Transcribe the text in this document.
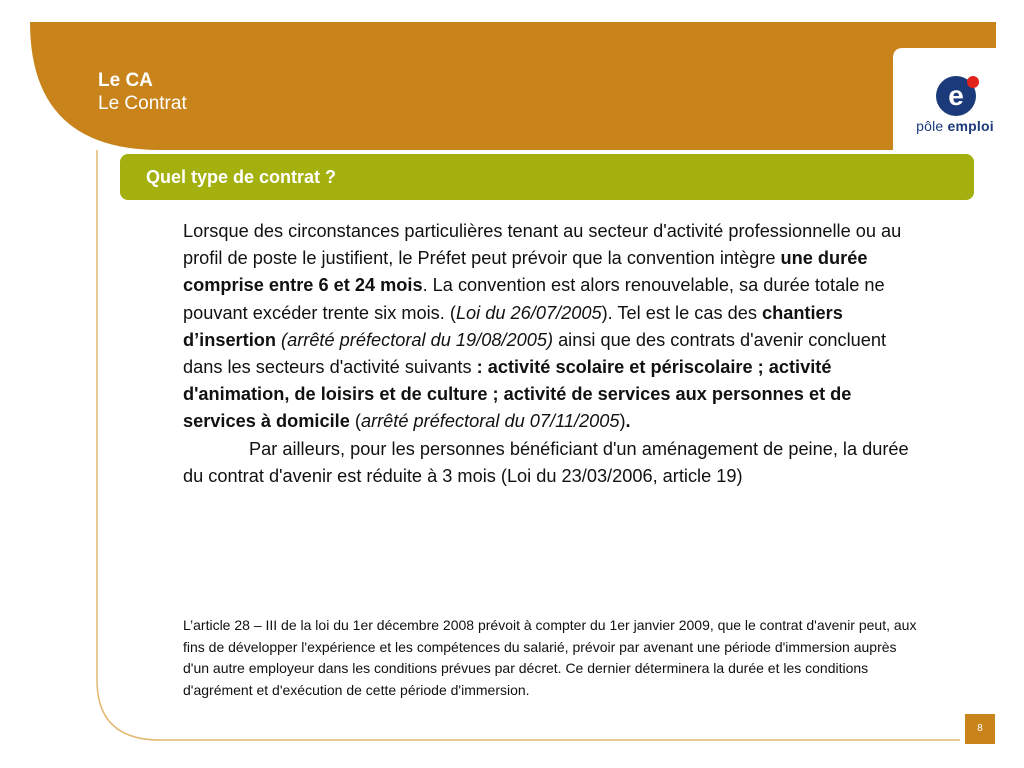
Le CA
Le Contrat	e
pôle emploi
Quel type de contrat ?

Lorsque des circonstances particulières tenant au secteur d'activité professionnelle ou au profil de poste le justifient, le Préfet peut prévoir que la convention intègre une durée comprise entre 6 et 24 mois. La convention est alors renouvelable, sa durée totale ne pouvant excéder trente six mois. (Loi du 26/07/2005). Tel est le cas des chantiers d’insertion (arrêté préfectoral du 19/08/2005) ainsi que des contrats d'avenir concluent dans les secteurs d'activité suivants : activité scolaire et périscolaire ; activité d'animation, de loisirs et de culture ; activité de services aux personnes et de services à domicile (arrêté préfectoral du 07/11/2005).

Par ailleurs, pour les personnes bénéficiant d'un aménagement de peine, la durée du contrat d'avenir est réduite à 3 mois (Loi du 23/03/2006, article 19)

L’article 28 – III de la loi du 1er décembre 2008 prévoit à compter du 1er janvier 2009, que le contrat d'avenir peut, aux fins de développer l'expérience et les compétences du salarié, prévoir par avenant une période d'immersion auprès d'un autre employeur dans les conditions prévues par décret. Ce dernier déterminera la durée et les conditions d'agrément et d'exécution de cette période d'immersion.
8
